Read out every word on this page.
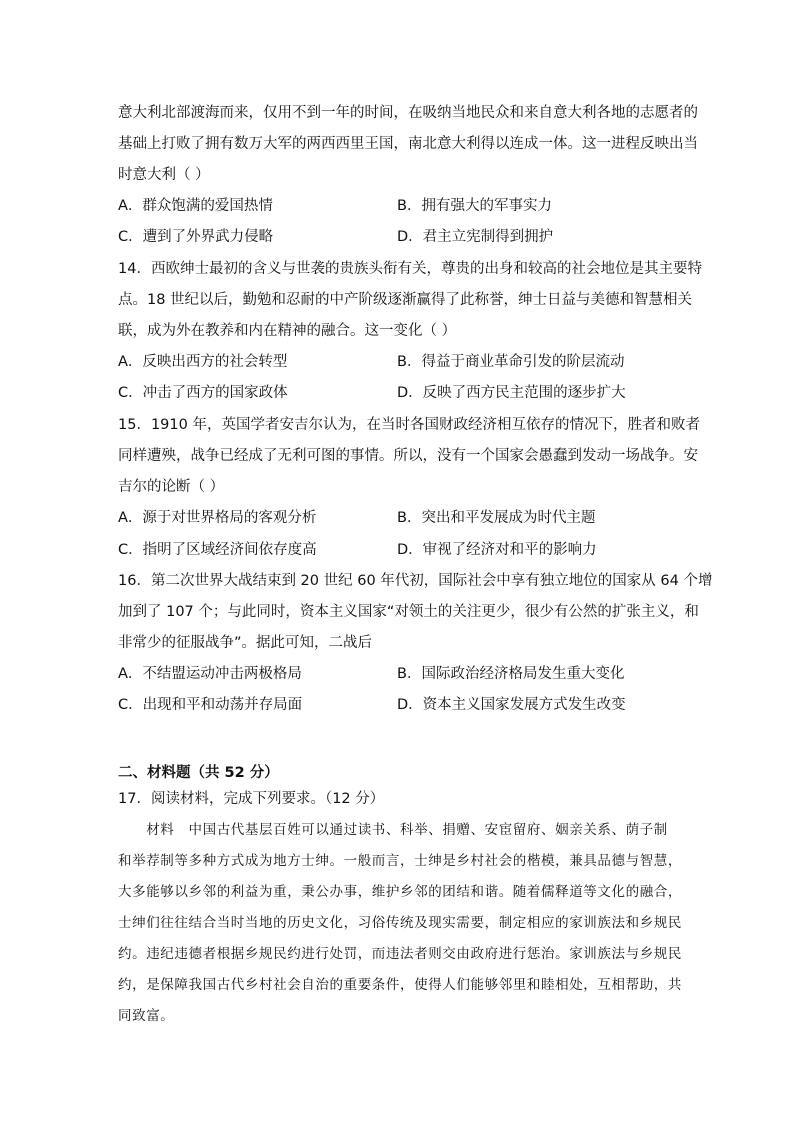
意大利北部渡海而来，仅用不到一年的时间，在吸纳当地民众和来自意大利各地的志愿者的
基础上打败了拥有数万大军的两西西里王国，南北意大利得以连成一体。这一进程反映出当
时意大利（ ）
A．群众饱满的爱国热情	B．拥有强大的军事实力
C．遭到了外界武力侵略	D．君主立宪制得到拥护
14．西欧绅士最初的含义与世袭的贵族头衔有关，尊贵的出身和较高的社会地位是其主要特
点。18 世纪以后，勤勉和忍耐的中产阶级逐渐赢得了此称誉，绅士日益与美德和智慧相关
联，成为外在教养和内在精神的融合。这一变化（ ）
A．反映出西方的社会转型	B．得益于商业革命引发的阶层流动
C．冲击了西方的国家政体	D．反映了西方民主范围的逐步扩大
15．1910 年，英国学者安吉尔认为，在当时各国财政经济相互依存的情况下，胜者和败者
同样遭殃，战争已经成了无利可图的事情。所以，没有一个国家会愚蠢到发动一场战争。安
吉尔的论断（ ）
A．源于对世界格局的客观分析	B．突出和平发展成为时代主题
C．指明了区域经济间依存度高	D．审视了经济对和平的影响力
16．第二次世界大战结束到 20 世纪 60 年代初，国际社会中享有独立地位的国家从 64 个增
加到了 107 个；与此同时，资本主义国家“对领土的关注更少，很少有公然的扩张主义，和
非常少的征服战争”。据此可知，二战后
A．不结盟运动冲击两极格局	B．国际政治经济格局发生重大变化
C．出现和平和动荡并存局面	D．资本主义国家发展方式发生改变
二、材料题（共 52 分）
17．阅读材料，完成下列要求。（12 分）
　　材料　中国古代基层百姓可以通过读书、科举、捐赠、安宦留府、姻亲关系、荫子制
和举荐制等多种方式成为地方士绅。一般而言，士绅是乡村社会的楷模，兼具品德与智慧，
大多能够以乡邻的利益为重，秉公办事，维护乡邻的团结和谐。随着儒释道等文化的融合，
士绅们往往结合当时当地的历史文化，习俗传统及现实需要，制定相应的家训族法和乡规民
约。违纪违德者根据乡规民约进行处罚，而违法者则交由政府进行惩治。家训族法与乡规民
约，是保障我国古代乡村社会自治的重要条件，使得人们能够邻里和睦相处，互相帮助，共
同致富。
